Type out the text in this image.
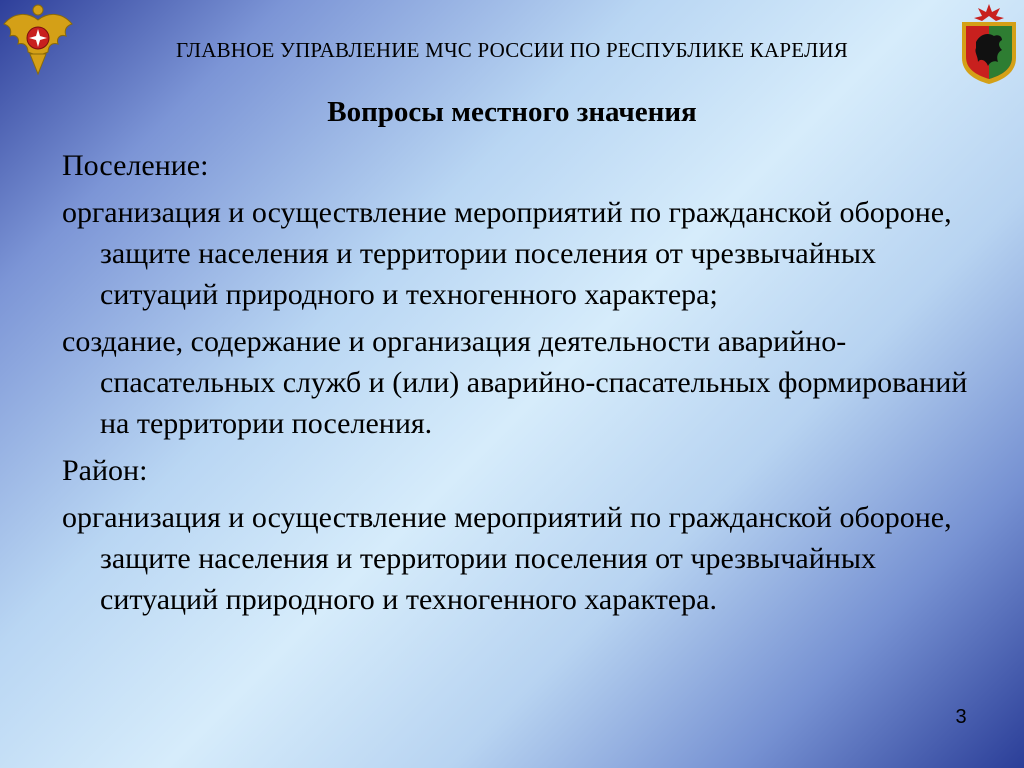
ГЛАВНОЕ УПРАВЛЕНИЕ МЧС РОССИИ ПО РЕСПУБЛИКЕ КАРЕЛИЯ
Вопросы местного значения

Поселение:

организация и осуществление мероприятий по гражданской обороне, защите населения и территории поселения от чрезвычайных ситуаций природного и техногенного характера;

создание, содержание и организация деятельности аварийно-спасательных служб и (или) аварийно-спасательных формирований на территории поселения.

Район:

организация и осуществление мероприятий по гражданской обороне, защите населения и территории поселения от чрезвычайных ситуаций природного и техногенного характера.

3
